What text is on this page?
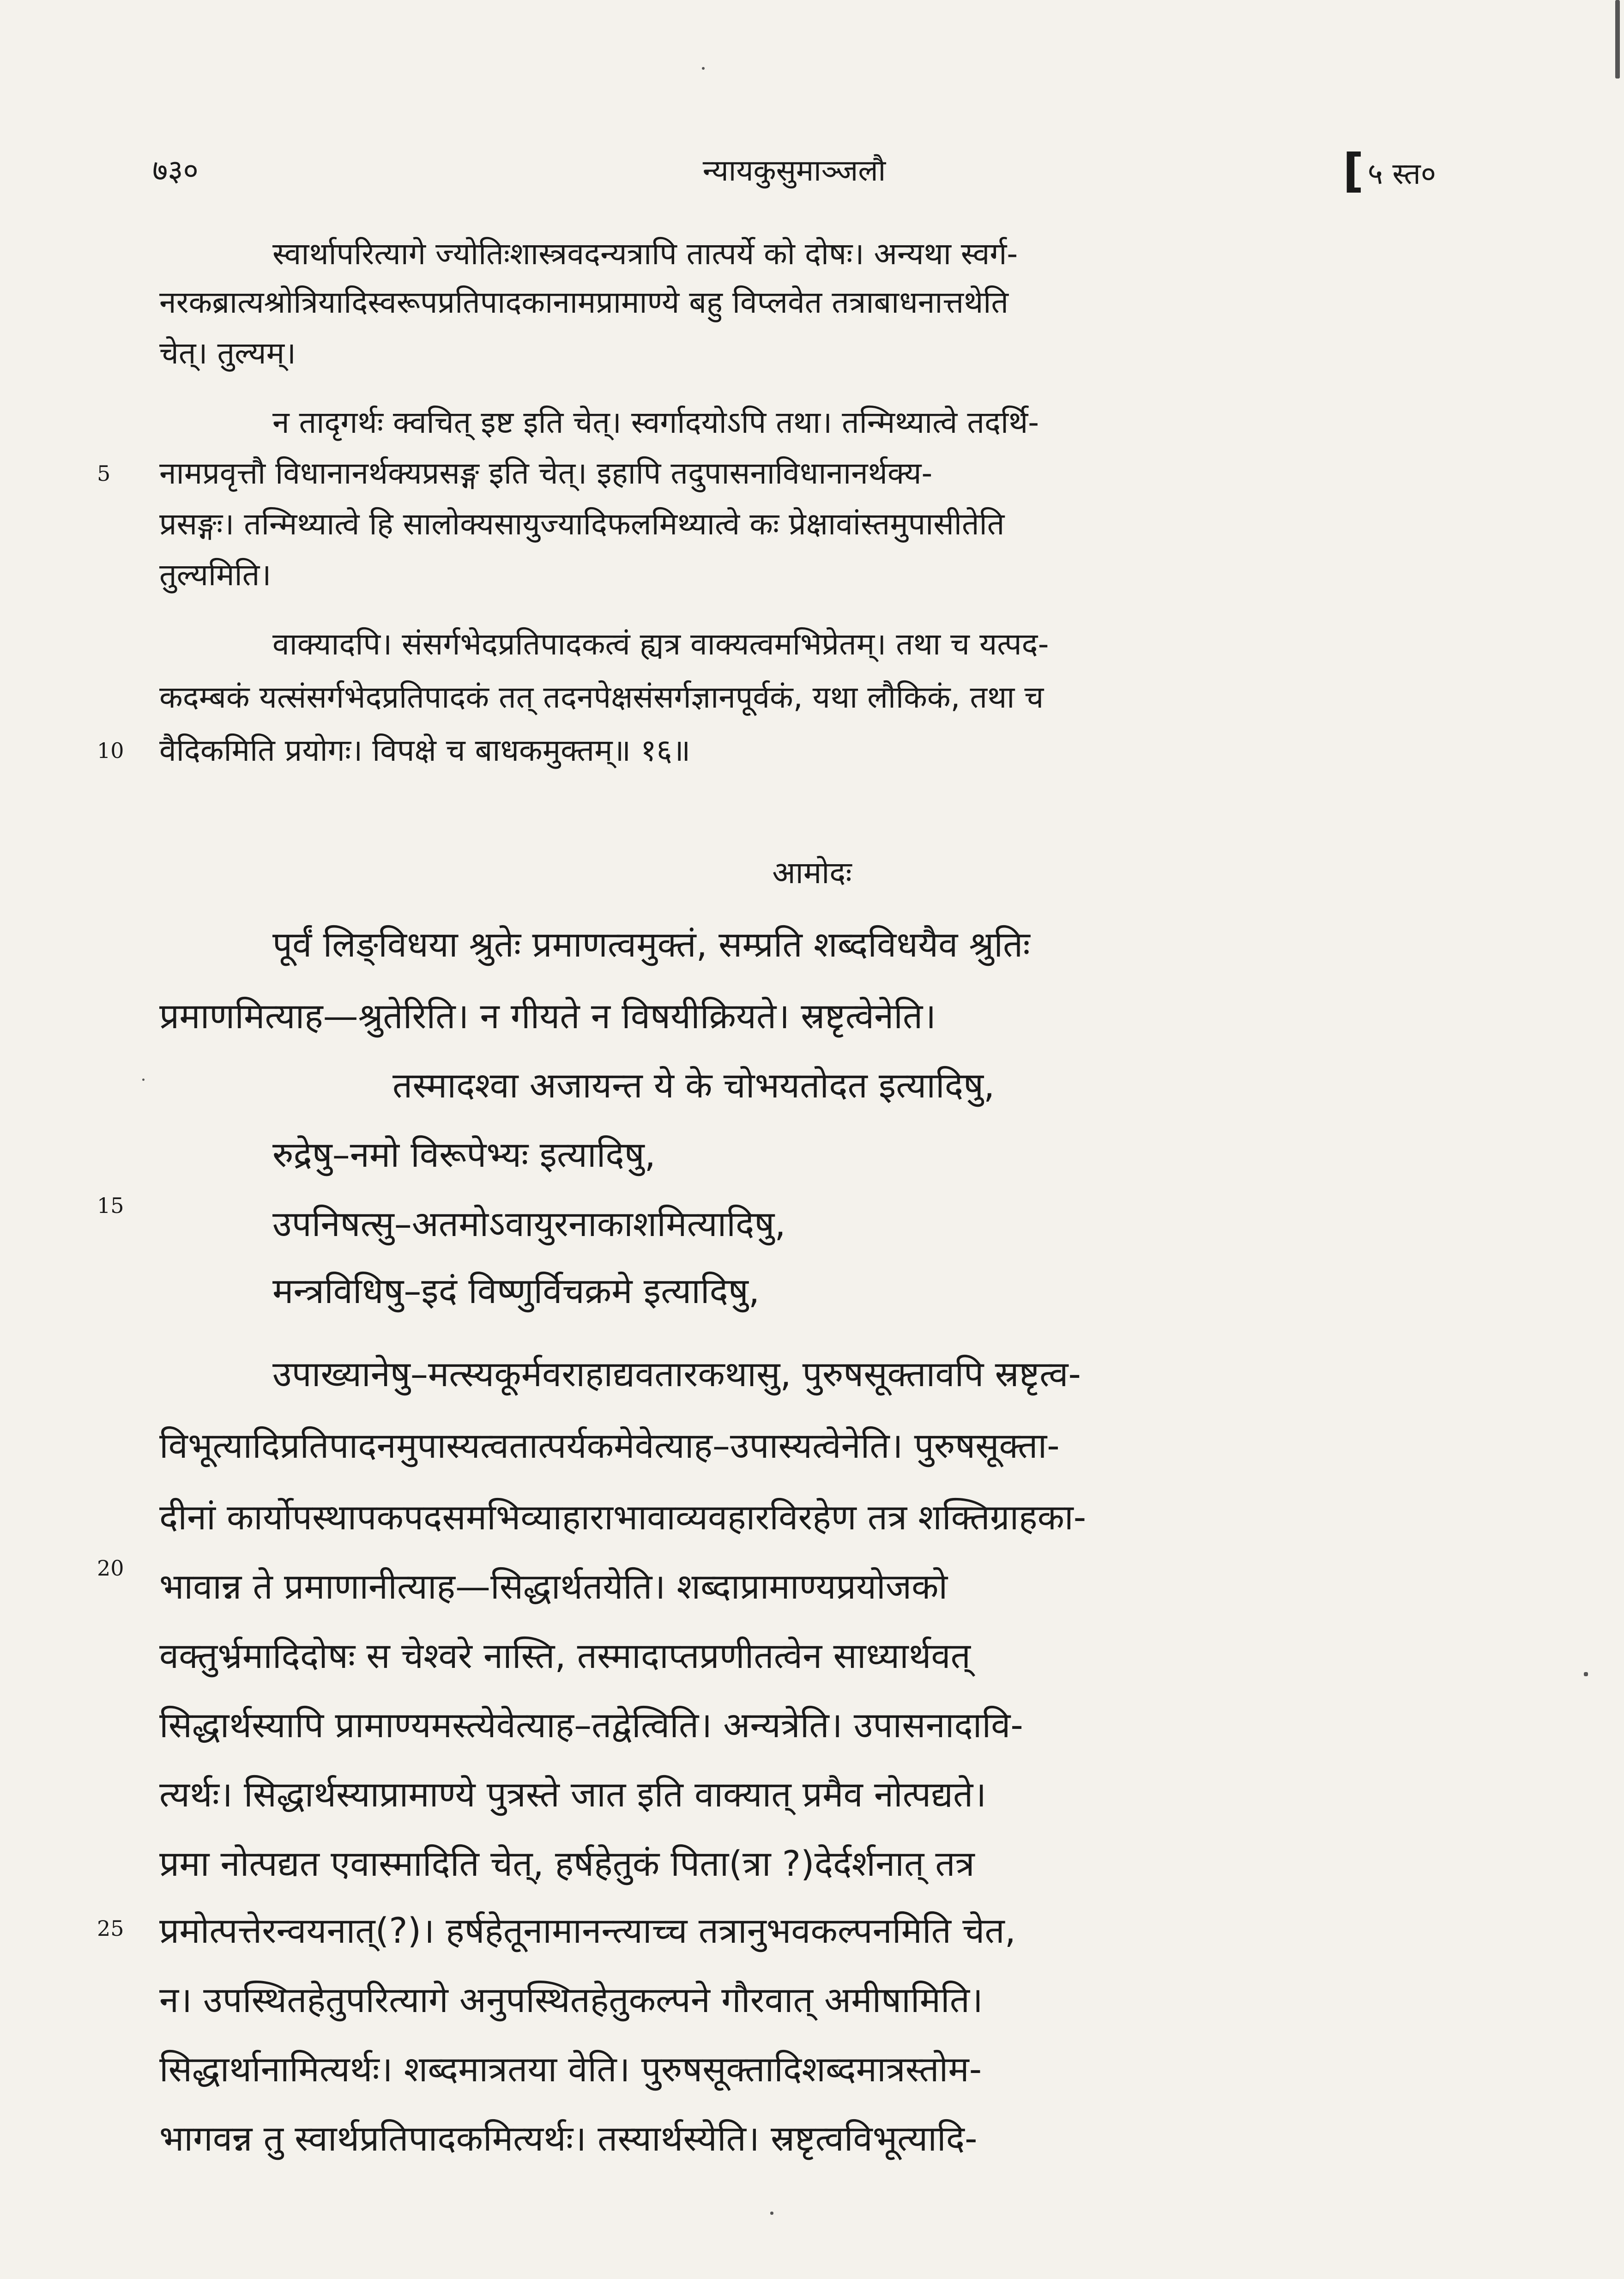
७३०	न्यायकुसुमाञ्जलौ	[ ५ स्त०
स्वार्थापरित्यागे ज्योतिःशास्त्रवदन्यत्रापि तात्पर्ये को दोषः। अन्यथा स्वर्ग-
नरकब्रात्यश्रोत्रियादिस्वरूपप्रतिपादकानामप्रामाण्ये बहु विप्लवेत तत्राबाधनात्तथेति
चेत्। तुल्यम्।
न तादृगर्थः क्वचित् इष्ट इति चेत्। स्वर्गादयोऽपि तथा। तन्मिथ्यात्वे तदर्थि-
नामप्रवृत्तौ विधानानर्थक्यप्रसङ्ग इति चेत्। इहापि तदुपासनाविधानानर्थक्य-
प्रसङ्गः। तन्मिथ्यात्वे हि सालोक्यसायुज्यादिफलमिथ्यात्वे कः प्रेक्षावांस्तमुपासीतेति
तुल्यमिति।
वाक्यादपि। संसर्गभेदप्रतिपादकत्वं ह्यत्र वाक्यत्वमभिप्रेतम्। तथा च यत्पद-
कदम्बकं यत्संसर्गभेदप्रतिपादकं तत् तदनपेक्षसंसर्गज्ञानपूर्वकं, यथा लौकिकं, तथा च
वैदिकमिति प्रयोगः। विपक्षे च बाधकमुक्तम्॥ १६॥
आमोदः
पूर्वं लिङ्विधया श्रुतेः प्रमाणत्वमुक्तं, सम्प्रति शब्दविधयैव श्रुतिः
प्रमाणमित्याह—श्रुतेरिति। न गीयते न विषयीक्रियते। स्रष्टृत्वेनेति।
तस्मादश्वा अजायन्त ये के चोभयतोदत इत्यादिषु,
रुद्रेषु–नमो विरूपेभ्यः इत्यादिषु,
उपनिषत्सु–अतमोऽवायुरनाकाशमित्यादिषु,
मन्त्रविधिषु–इदं विष्णुर्विचक्रमे इत्यादिषु,
उपाख्यानेषु–मत्स्यकूर्मवराहाद्यवतारकथासु, पुरुषसूक्तावपि स्रष्टृत्व-
विभूत्यादिप्रतिपादनमुपास्यत्वतात्पर्यकमेवेत्याह–उपास्यत्वेनेति। पुरुषसूक्ता-
दीनां कार्योपस्थापकपदसमभिव्याहाराभावाव्यवहारविरहेण तत्र शक्तिग्राहका-
भावान्न ते प्रमाणानीत्याह—सिद्धार्थतयेति। शब्दाप्रामाण्यप्रयोजको
वक्तुर्भ्रमादिदोषः स चेश्वरे नास्ति, तस्मादाप्तप्रणीतत्वेन साध्यार्थवत्
सिद्धार्थस्यापि प्रामाण्यमस्त्येवेत्याह–तद्वेत्विति। अन्यत्रेति। उपासनादावि-
त्यर्थः। सिद्धार्थस्याप्रामाण्ये पुत्रस्ते जात इति वाक्यात् प्रमैव नोत्पद्यते।
प्रमा नोत्पद्यत एवास्मादिति चेत्, हर्षहेतुकं पिता(त्रा ?)देर्दर्शनात् तत्र
प्रमोत्पत्तेरन्वयनात्(?)। हर्षहेतूनामानन्त्याच्च तत्रानुभवकल्पनमिति चेत,
न। उपस्थितहेतुपरित्यागे अनुपस्थितहेतुकल्पने गौरवात् अमीषामिति।
सिद्धार्थानामित्यर्थः। शब्दमात्रतया वेति। पुरुषसूक्तादिशब्दमात्रस्तोम-
भागवन्न तु स्वार्थप्रतिपादकमित्यर्थः। तस्यार्थस्येति। स्रष्टृत्वविभूत्यादि-
5
10
15
20
25
